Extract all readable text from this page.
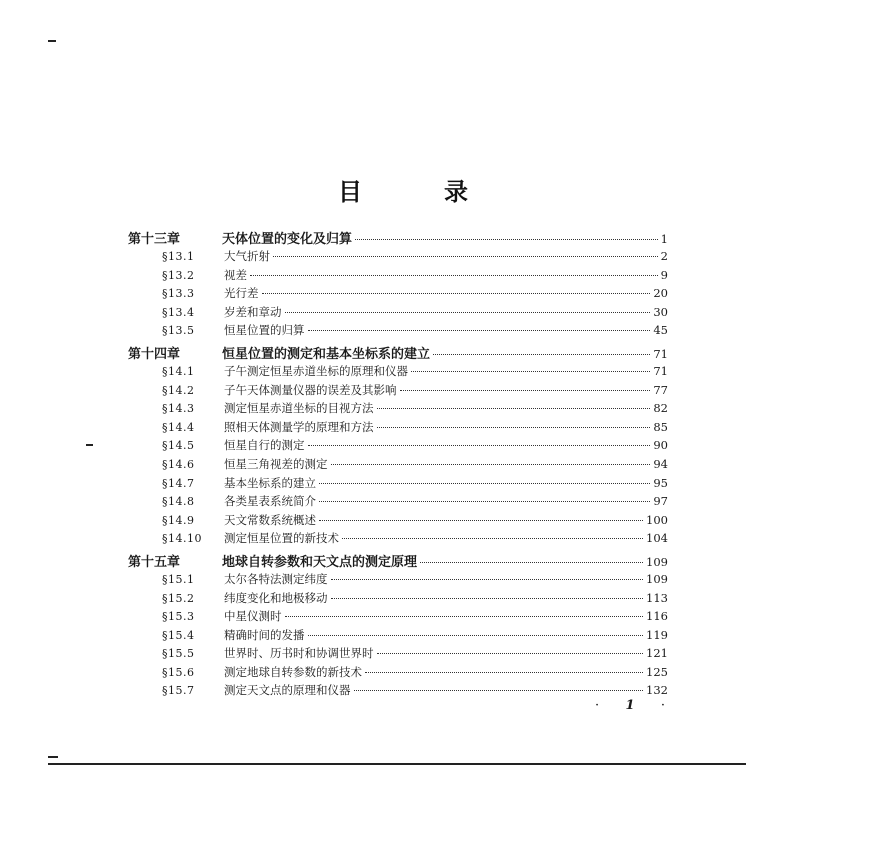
目	录
第十三章	天体位置的变化及归算	1
§13.1	大气折射	2
§13.2	视差	9
§13.3	光行差	20
§13.4	岁差和章动	30
§13.5	恒星位置的归算	45
第十四章	恒星位置的测定和基本坐标系的建立	71
§14.1	子午测定恒星赤道坐标的原理和仪器	71
§14.2	子午天体测量仪器的误差及其影响	77
§14.3	测定恒星赤道坐标的目视方法	82
§14.4	照相天体测量学的原理和方法	85
§14.5	恒星自行的测定	90
§14.6	恒星三角视差的测定	94
§14.7	基本坐标系的建立	95
§14.8	各类星表系统简介	97
§14.9	天文常数系统概述	100
§14.10	测定恒星位置的新技术	104
第十五章	地球自转参数和天文点的测定原理	109
§15.1	太尔各特法测定纬度	109
§15.2	纬度变化和地极移动	113
§15.3	中星仪测时	116
§15.4	精确时间的发播	119
§15.5	世界时、历书时和协调世界时	121
§15.6	测定地球自转参数的新技术	125
§15.7	测定天文点的原理和仪器	132
· 1 ·
